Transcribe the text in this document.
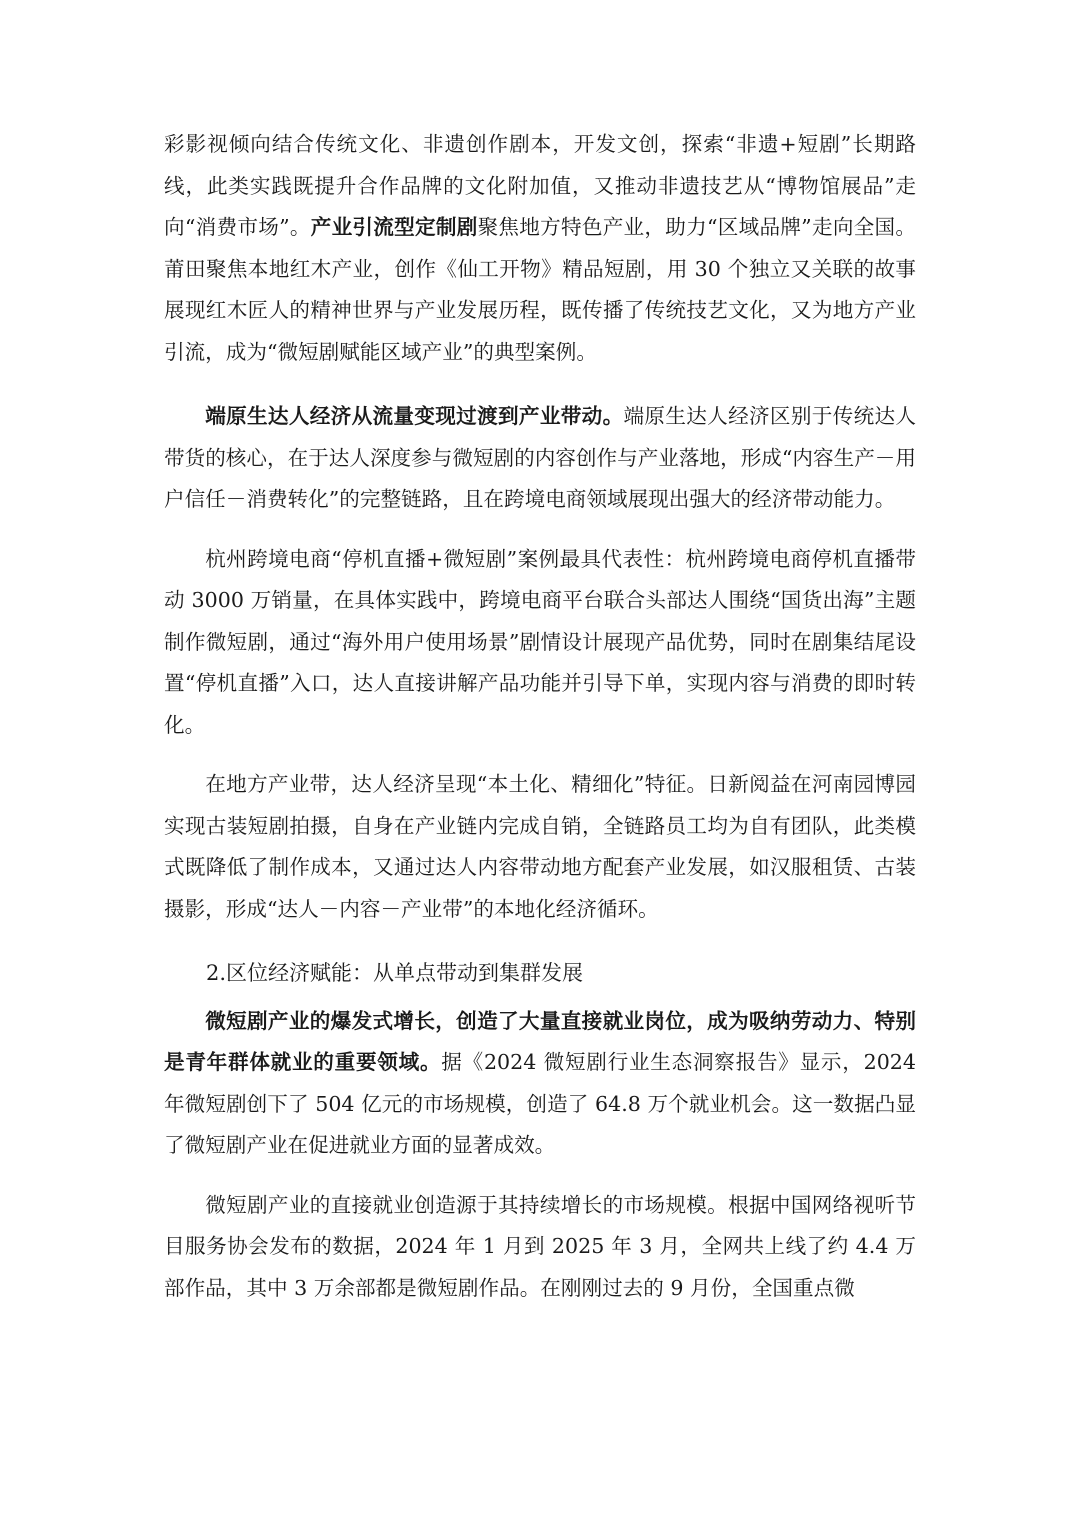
彩影视倾向结合传统文化、非遗创作剧本，开发文创，探索“非遗+短剧”长期路线，此类实践既提升合作品牌的文化附加值，又推动非遗技艺从“博物馆展品”走向“消费市场”。产业引流型定制剧聚焦地方特色产业，助力“区域品牌”走向全国。莆田聚焦本地红木产业，创作《仙工开物》精品短剧，用 30 个独立又关联的故事展现红木匠人的精神世界与产业发展历程，既传播了传统技艺文化，又为地方产业引流，成为“微短剧赋能区域产业”的典型案例。

端原生达人经济从流量变现过渡到产业带动。端原生达人经济区别于传统达人带货的核心，在于达人深度参与微短剧的内容创作与产业落地，形成“内容生产－用户信任－消费转化”的完整链路，且在跨境电商领域展现出强大的经济带动能力。

杭州跨境电商“停机直播+微短剧”案例最具代表性：杭州跨境电商停机直播带动 3000 万销量，在具体实践中，跨境电商平台联合头部达人围绕“国货出海”主题制作微短剧，通过“海外用户使用场景”剧情设计展现产品优势，同时在剧集结尾设置“停机直播”入口，达人直接讲解产品功能并引导下单，实现内容与消费的即时转化。

在地方产业带，达人经济呈现“本土化、精细化”特征。日新阅益在河南园博园实现古装短剧拍摄，自身在产业链内完成自销，全链路员工均为自有团队，此类模式既降低了制作成本，又通过达人内容带动地方配套产业发展，如汉服租赁、古装摄影，形成“达人－内容－产业带”的本地化经济循环。

2.区位经济赋能：从单点带动到集群发展

微短剧产业的爆发式增长，创造了大量直接就业岗位，成为吸纳劳动力、特别是青年群体就业的重要领域。据《2024 微短剧行业生态洞察报告》显示，2024 年微短剧创下了 504 亿元的市场规模，创造了 64.8 万个就业机会。这一数据凸显了微短剧产业在促进就业方面的显著成效。

微短剧产业的直接就业创造源于其持续增长的市场规模。根据中国网络视听节目服务协会发布的数据，2024 年 1 月到 2025 年 3 月，全网共上线了约 4.4 万部作品，其中 3 万余部都是微短剧作品。在刚刚过去的 9 月份，全国重点微
